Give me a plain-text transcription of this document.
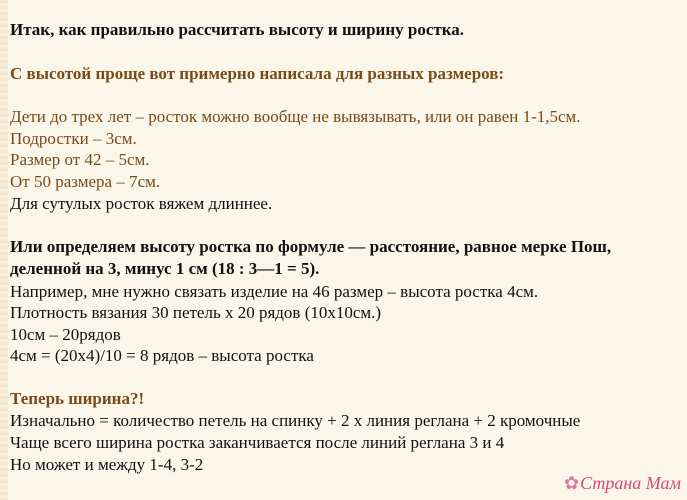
Итак, как правильно рассчитать высоту и ширину ростка.
С высотой проще вот примерно написала для разных размеров:
Дети до трех лет – росток можно вообще не вывязывать, или он равен 1-1,5см.
Подростки – 3см.
Размер от 42 – 5см.
От 50 размера – 7см.
Для сутулых росток вяжем длиннее.
Или определяем высоту ростка по формуле — расстояние, равное мерке Пош,
деленной на 3, минус 1 см (18 : 3—1 = 5).
Например, мне нужно связать изделие на 46 размер – высота ростка 4см.
Плотность вязания 30 петель х 20 рядов (10х10см.)
10см – 20рядов
4см = (20х4)/10 = 8 рядов – высота ростка
Теперь ширина?!
Изначально = количество петель на спинку + 2 х линия реглана + 2 кромочные
Чаще всего ширина ростка заканчивается после линий реглана 3 и 4
Но может и между 1-4, 3-2
✿Страна Мам
